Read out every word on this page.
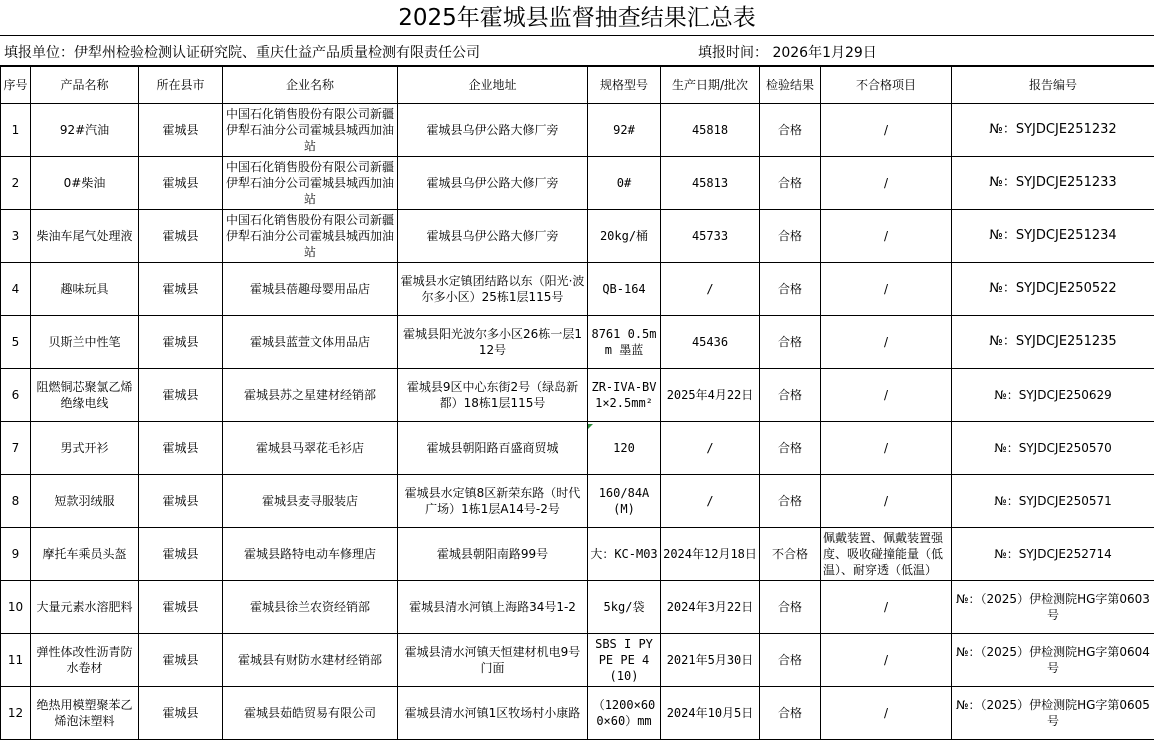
2025年霍城县监督抽查结果汇总表
填报单位：伊犁州检验检测认证研究院、重庆仕益产品质量检测有限责任公司	填报时间： 2026年1月29日
序号	产品名称	所在县市	企业名称	企业地址	规格型号	生产日期/批次	检验结果	不合格项目	报告编号
1	92#汽油	霍城县	中国石化销售股份有限公司新疆伊犁石油分公司霍城县城西加油站	霍城县乌伊公路大修厂旁	92#	45818	合格	/	№：SYJDCJE251232
2	0#柴油	霍城县	中国石化销售股份有限公司新疆伊犁石油分公司霍城县城西加油站	霍城县乌伊公路大修厂旁	0#	45813	合格	/	№：SYJDCJE251233
3	柴油车尾气处理液	霍城县	中国石化销售股份有限公司新疆伊犁石油分公司霍城县城西加油站	霍城县乌伊公路大修厂旁	20kg/桶	45733	合格	/	№：SYJDCJE251234
4	趣味玩具	霍城县	霍城县蓓趣母婴用品店	霍城县水定镇团结路以东（阳光·波尔多小区）25栋1层115号	QB-164	/	合格	/	№：SYJDCJE250522
5	贝斯兰中性笔	霍城县	霍城县蓝萱文体用品店	霍城县阳光波尔多小区26栋一层112号	8761 0.5mm 墨蓝	45436	合格	/	№：SYJDCJE251235
6	阻燃铜芯聚氯乙烯绝缘电线	霍城县	霍城县苏之星建材经销部	霍城县9区中心东街2号（绿岛新都）18栋1层115号	ZR-IVA-BV 1×2.5mm²	2025年4月22日	合格	/	№：SYJDCJE250629
7	男式开衫	霍城县	霍城县马翠花毛衫店	霍城县朝阳路百盛商贸城	120	/	合格	/	№：SYJDCJE250570
8	短款羽绒服	霍城县	霍城县麦寻服装店	霍城县水定镇8区新荣东路（时代广场）1栋1层A14号-2号	160/84A(M)	/	合格	/	№：SYJDCJE250571
9	摩托车乘员头盔	霍城县	霍城县路特电动车修理店	霍城县朝阳南路99号	大：KC-M03	2024年12月18日	不合格	佩戴装置、佩戴装置强度、吸收碰撞能量（低温）、耐穿透（低温）	№：SYJDCJE252714
10	大量元素水溶肥料	霍城县	霍城县徐兰农资经销部	霍城县清水河镇上海路34号1-2	5kg/袋	2024年3月22日	合格	/	№：（2025）伊检测院HG字第0603号
11	弹性体改性沥青防水卷材	霍城县	霍城县有财防水建材经销部	霍城县清水河镇天恒建材机电9号门面	SBS I PY PE PE 4 (10)	2021年5月30日	合格	/	№：（2025）伊检测院HG字第0604号
12	绝热用模塑聚苯乙烯泡沫塑料	霍城县	霍城县茹皓贸易有限公司	霍城县清水河镇1区牧场村小康路	（1200×600×60）mm	2024年10月5日	合格	/	№：（2025）伊检测院HG字第0605号
